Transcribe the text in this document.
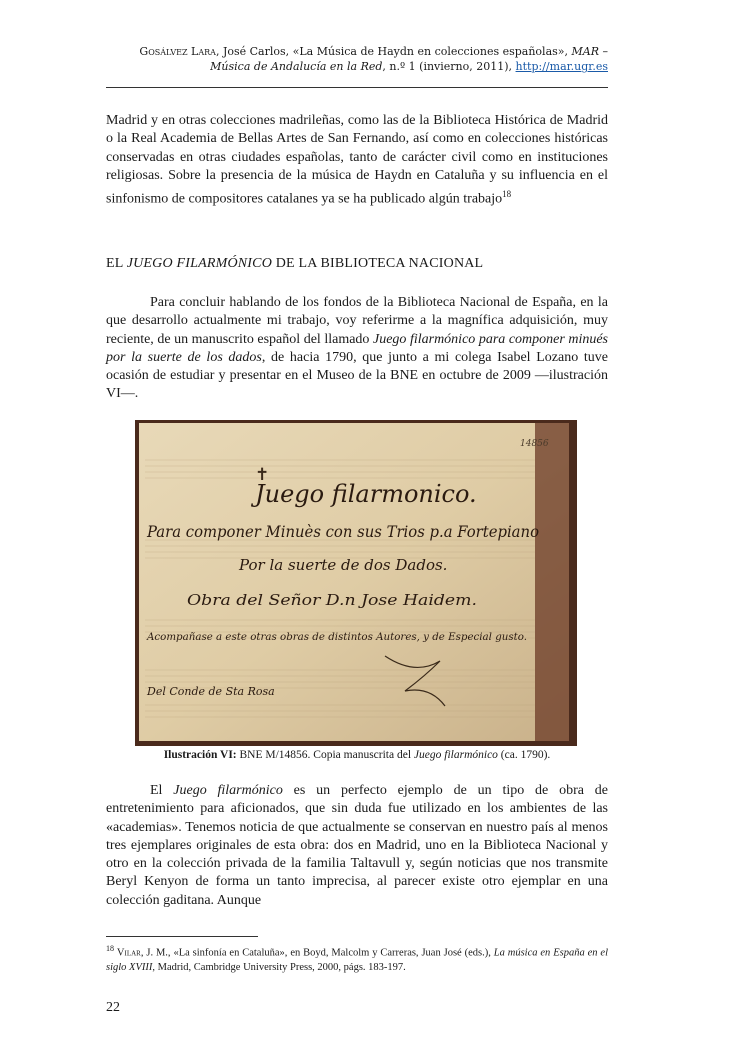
Gosálvez Lara, José Carlos, «La Música de Haydn en colecciones españolas», MAR – Música de Andalucía en la Red, n.º 1 (invierno, 2011), http://mar.ugr.es

Madrid y en otras colecciones madrileñas, como las de la Biblioteca Histórica de Madrid o la Real Academia de Bellas Artes de San Fernando, así como en colecciones históricas conservadas en otras ciudades españolas, tanto de carácter civil como en instituciones religiosas. Sobre la presencia de la música de Haydn en Cataluña y su influencia en el sinfonismo de compositores catalanes ya se ha publicado algún trabajo$^{18}$

EL JUEGO FILARMÓNICO DE LA BIBLIOTECA NACIONAL

Para concluir hablando de los fondos de la Biblioteca Nacional de España, en la que desarrollo actualmente mi trabajo, voy referirme a la magnífica adquisición, muy reciente, de un manuscrito español del llamado Juego filarmónico para componer minués por la suerte de los dados, de hacia 1790, que junto a mi colega Isabel Lozano tuve ocasión de estudiar y presentar en el Museo de la BNE en octubre de 2009 —ilustración VI—.

✝
14856
Juego filarmonico.
Para componer Minuès con sus Trios p.a Fortepiano
Por la suerte de dos Dados.
Obra del Señor D.n Jose Haidem.
Acompañase a este otras obras de distintos Autores, y de Especial gusto.
Del Conde de Sta Rosa
Ilustración VI: BNE M/14856. Copia manuscrita del Juego filarmónico (ca. 1790).

El Juego filarmónico es un perfecto ejemplo de un tipo de obra de entretenimiento para aficionados, que sin duda fue utilizado en los ambientes de las «academias». Tenemos noticia de que actualmente se conservan en nuestro país al menos tres ejemplares originales de esta obra: dos en Madrid, uno en la Biblioteca Nacional y otro en la colección privada de la familia Taltavull y, según noticias que nos transmite Beryl Kenyon de forma un tanto imprecisa, al parecer existe otro ejemplar en una colección gaditana. Aunque

$^{18}$ Vilar, J. M., «La sinfonía en Cataluña», en Boyd, Malcolm y Carreras, Juan José (eds.), La música en España en el siglo XVIII, Madrid, Cambridge University Press, 2000, págs. 183-197.

22
